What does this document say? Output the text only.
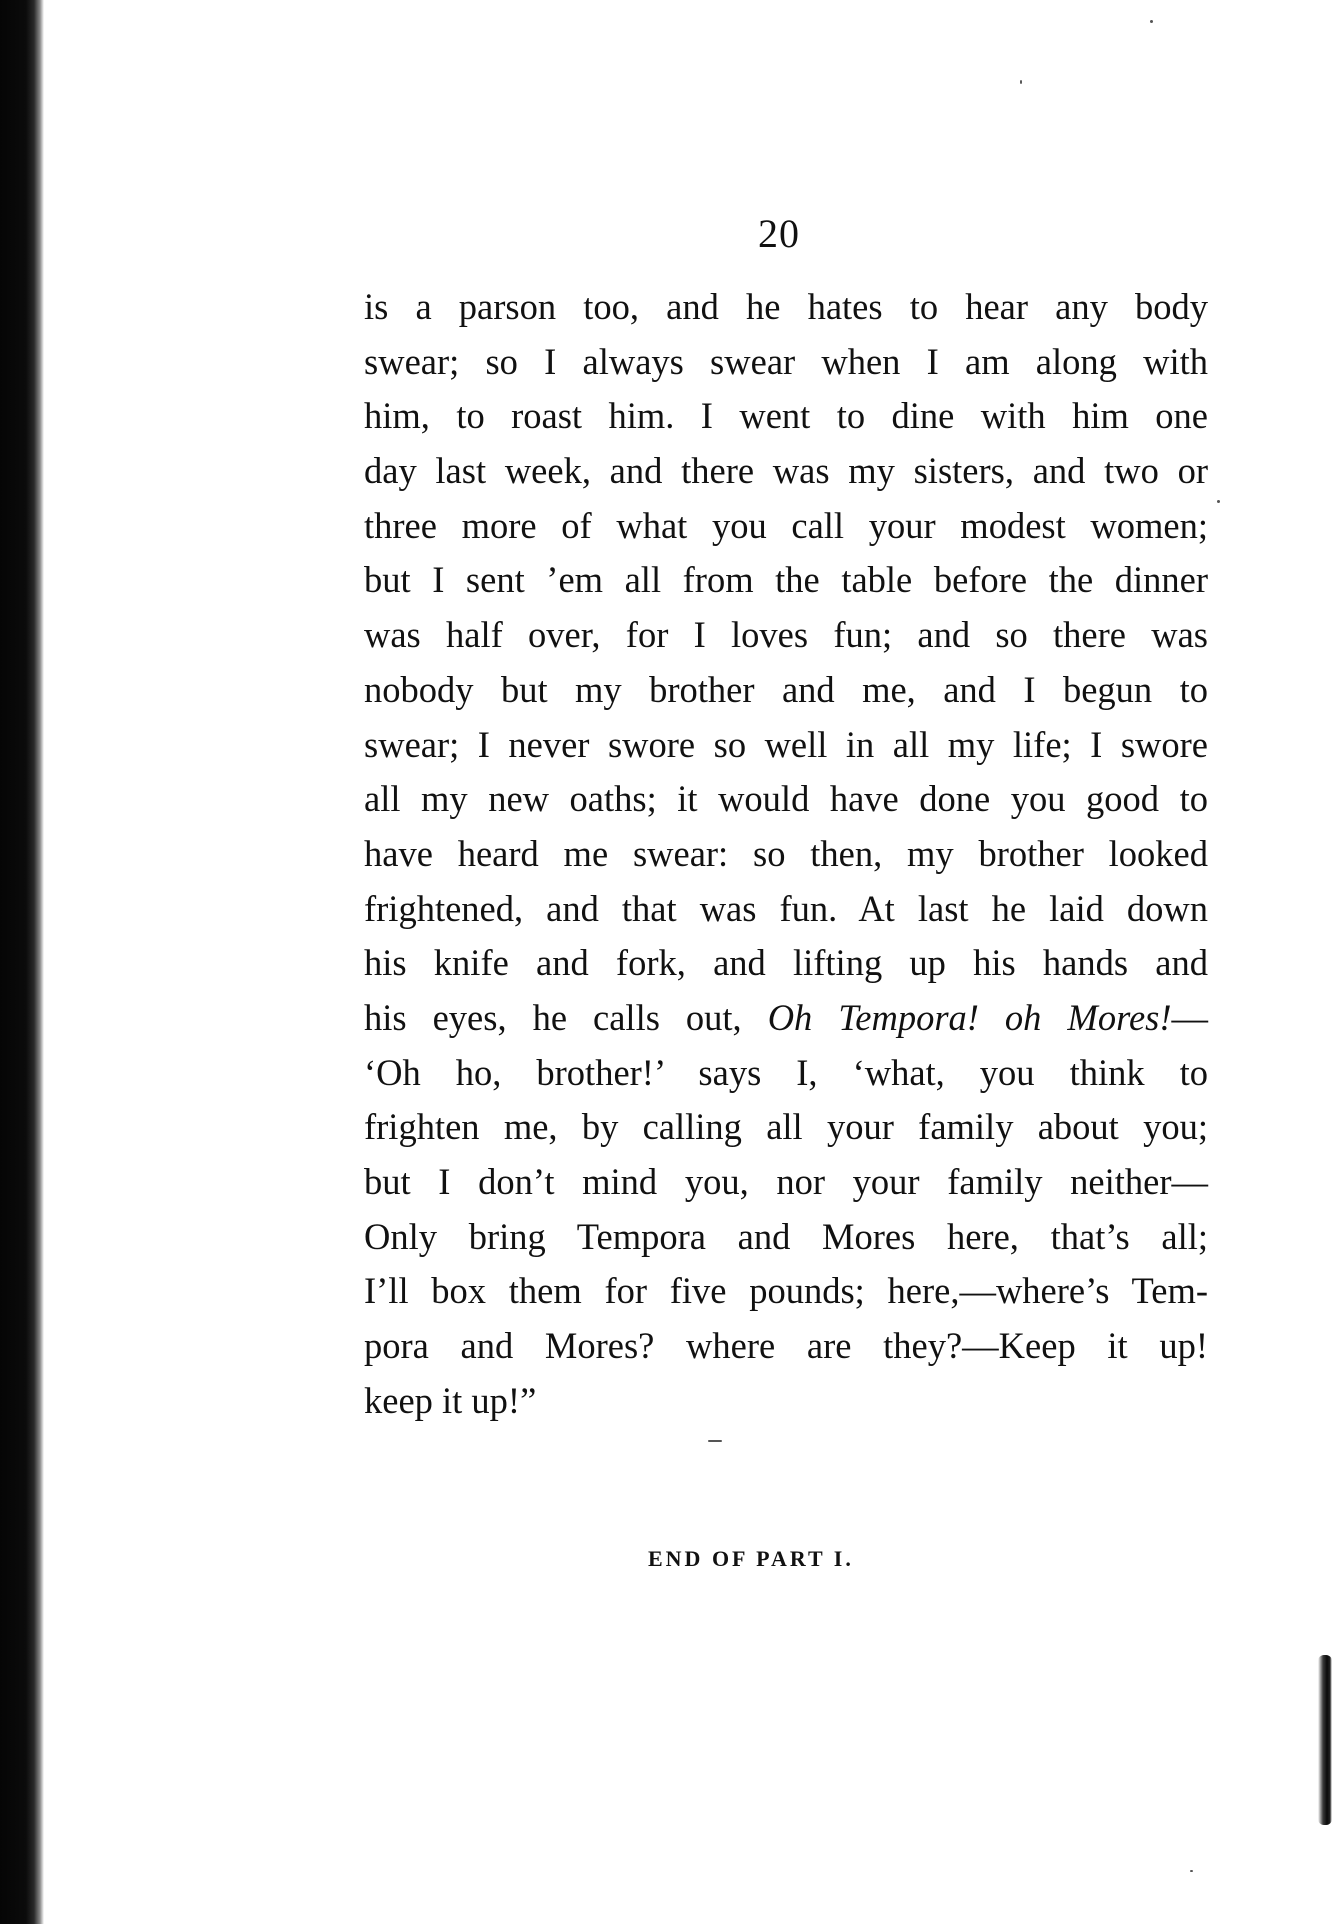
20
is a parson too, and he hates to hear any body
swear; so I always swear when I am along with
him, to roast him. I went to dine with him one
day last week, and there was my sisters, and two or
three more of what you call your modest women;
but I sent ’em all from the table before the dinner
was half over, for I loves fun; and so there was
nobody but my brother and me, and I begun to
swear; I never swore so well in all my life; I swore
all my new oaths; it would have done you good to
have heard me swear: so then, my brother looked
frightened, and that was fun. At last he laid down
his knife and fork, and lifting up his hands and
his eyes, he calls out, Oh Tempora! oh Mores!—
‘Oh ho, brother!’ says I, ‘what, you think to
frighten me, by calling all your family about you;
but I don’t mind you, nor your family neither—
Only bring Tempora and Mores here, that’s all;
I’ll box them for five pounds; here,—where’s Tem-
pora and Mores? where are they?—Keep it up!
keep it up!”
END OF PART I.
